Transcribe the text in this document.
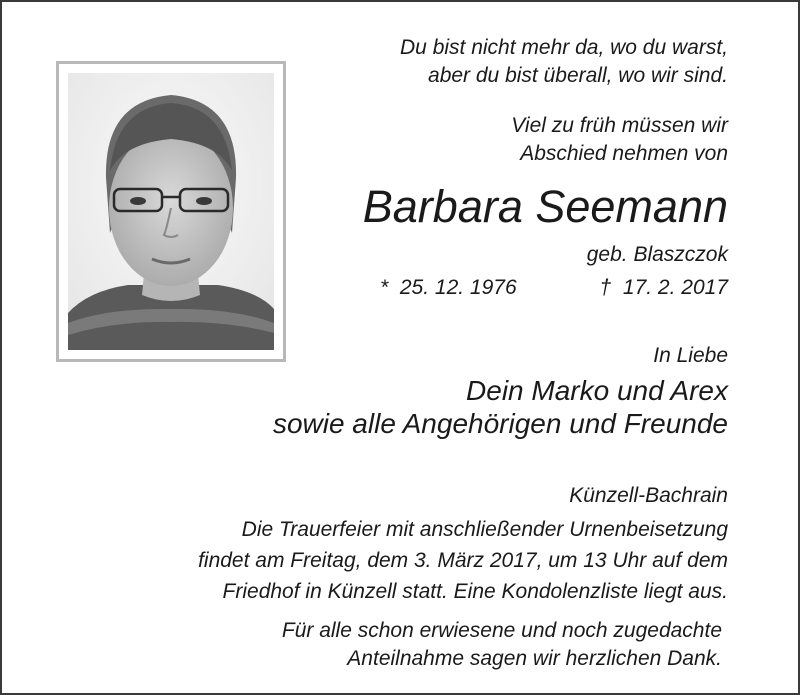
Du bist nicht mehr da, wo du warst,
aber du bist überall, wo wir sind.
Viel zu früh müssen wir
Abschied nehmen von
Barbara Seemann
geb. Blaszczok
* 25. 12. 1976	† 17. 2. 2017
In Liebe
Dein Marko und Arex
sowie alle Angehörigen und Freunde
Künzell-Bachrain
Die Trauerfeier mit anschließender Urnenbeisetzung
findet am Freitag, dem 3. März 2017, um 13 Uhr auf dem
Friedhof in Künzell statt. Eine Kondolenzliste liegt aus.
Für alle schon erwiesene und noch zugedachte
Anteilnahme sagen wir herzlichen Dank.
